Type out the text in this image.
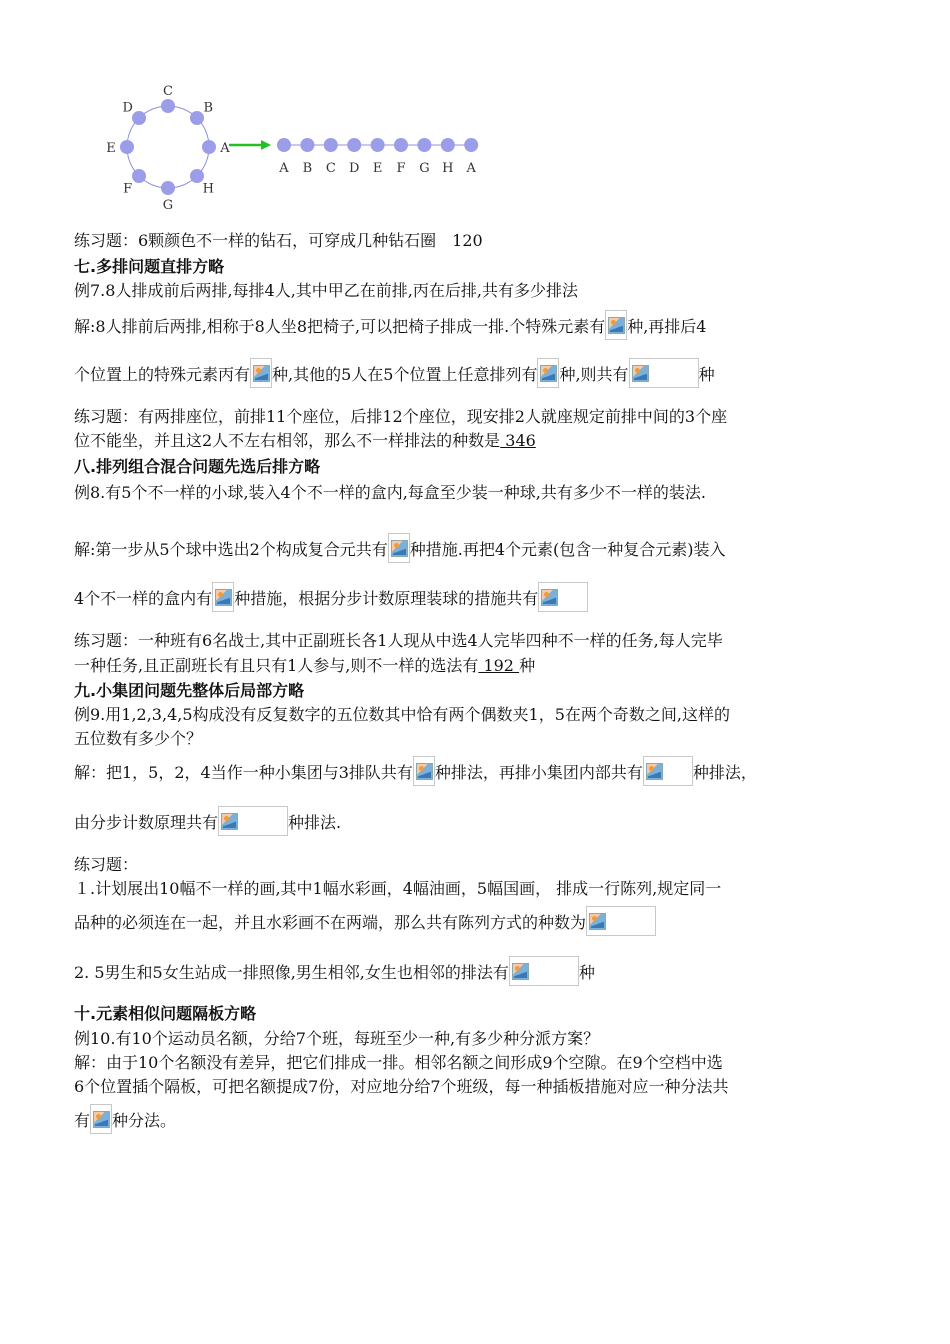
C
B
A
H
G
F
E
D
A B C D E F G H A
练习题：6颗颜色不一样的钻石，可穿成几种钻石圈　120
七.多排问题直排方略
例7.8人排成前后两排,每排4人,其中甲乙在前排,丙在后排,共有多少排法
解:8人排前后两排,相称于8人坐8把椅子,可以把椅子排成一排.个特殊元素有 种,再排后4
个位置上的特殊元素丙有 种,其他的5人在5个位置上任意排列有 种,则共有	种
练习题：有两排座位，前排11个座位，后排12个座位，现安排2人就座规定前排中间的3个座
位不能坐，并且这2人不左右相邻，那么不一样排法的种数是 346
八.排列组合混合问题先选后排方略
例8.有5个不一样的小球,装入4个不一样的盒内,每盒至少装一种球,共有多少不一样的装法.
解:第一步从5个球中选出2个构成复合元共有 种措施.再把4个元素(包含一种复合元素)装入
4个不一样的盒内有 种措施，根据分步计数原理装球的措施共有
练习题：一种班有6名战士,其中正副班长各1人现从中选4人完毕四种不一样的任务,每人完毕
一种任务,且正副班长有且只有1人参与,则不一样的选法有 192 种
九.小集团问题先整体后局部方略
例9.用1,2,3,4,5构成没有反复数字的五位数其中恰有两个偶数夹1，5在两个奇数之间,这样的
五位数有多少个？
解：把1，5，2，4当作一种小集团与3排队共有 种排法，再排小集团内部共有	种排法，
由分步计数原理共有	种排法.
练习题：
１.计划展出10幅不一样的画,其中1幅水彩画，4幅油画，5幅国画， 排成一行陈列,规定同一
品种的必须连在一起，并且水彩画不在两端，那么共有陈列方式的种数为
2. 5男生和5女生站成一排照像,男生相邻,女生也相邻的排法有	种
十.元素相似问题隔板方略
例10.有10个运动员名额，分给7个班，每班至少一种,有多少种分派方案？
解：由于10个名额没有差异，把它们排成一排。相邻名额之间形成9个空隙。在9个空档中选
6个位置插个隔板，可把名额提成7份，对应地分给7个班级，每一种插板措施对应一种分法共
有 种分法。
